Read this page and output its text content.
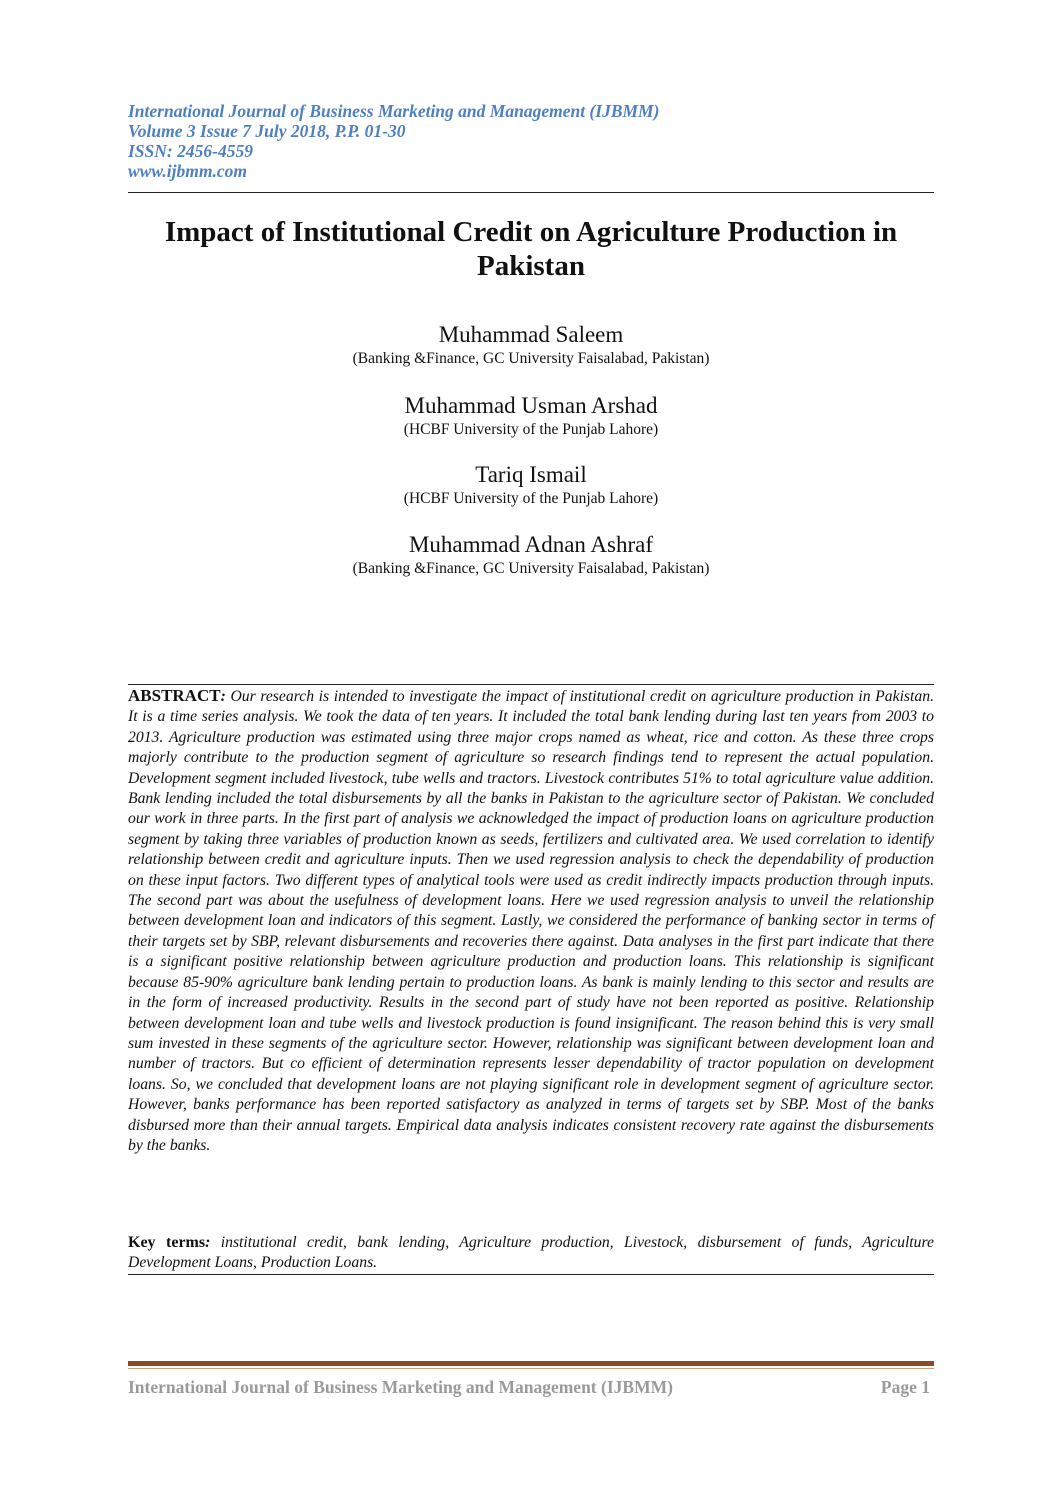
International Journal of Business Marketing and Management (IJBMM)
Volume 3 Issue 7 July 2018, P.P. 01-30
ISSN: 2456-4559
www.ijbmm.com
Impact of Institutional Credit on Agriculture Production in
Pakistan
Muhammad Saleem
(Banking &Finance, GC University Faisalabad, Pakistan)
Muhammad Usman Arshad
(HCBF University of the Punjab Lahore)
Tariq Ismail
(HCBF University of the Punjab Lahore)
Muhammad Adnan Ashraf
(Banking &Finance, GC University Faisalabad, Pakistan)
ABSTRACT: Our research is intended to investigate the impact of institutional credit on agriculture production in Pakistan. It is a time series analysis. We took the data of ten years. It included the total bank lending during last ten years from 2003 to 2013. Agriculture production was estimated using three major crops named as wheat, rice and cotton. As these three crops majorly contribute to the production segment of agriculture so research findings tend to represent the actual population. Development segment included livestock, tube wells and tractors. Livestock contributes 51% to total agriculture value addition. Bank lending included the total disbursements by all the banks in Pakistan to the agriculture sector of Pakistan. We concluded our work in three parts. In the first part of analysis we acknowledged the impact of production loans on agriculture production segment by taking three variables of production known as seeds, fertilizers and cultivated area. We used correlation to identify relationship between credit and agriculture inputs. Then we used regression analysis to check the dependability of production on these input factors. Two different types of analytical tools were used as credit indirectly impacts production through inputs. The second part was about the usefulness of development loans. Here we used regression analysis to unveil the relationship between development loan and indicators of this segment. Lastly, we considered the performance of banking sector in terms of their targets set by SBP, relevant disbursements and recoveries there against. Data analyses in the first part indicate that there is a significant positive relationship between agriculture production and production loans. This relationship is significant because 85-90% agriculture bank lending pertain to production loans. As bank is mainly lending to this sector and results are in the form of increased productivity. Results in the second part of study have not been reported as positive. Relationship between development loan and tube wells and livestock production is found insignificant. The reason behind this is very small sum invested in these segments of the agriculture sector. However, relationship was significant between development loan and number of tractors. But co efficient of determination represents lesser dependability of tractor population on development loans. So, we concluded that development loans are not playing significant role in development segment of agriculture sector. However, banks performance has been reported satisfactory as analyzed in terms of targets set by SBP. Most of the banks disbursed more than their annual targets. Empirical data analysis indicates consistent recovery rate against the disbursements by the banks.
Key terms: institutional credit, bank lending, Agriculture production, Livestock, disbursement of funds, Agriculture Development Loans, Production Loans.
International Journal of Business Marketing and Management (IJBMM)	Page 1
